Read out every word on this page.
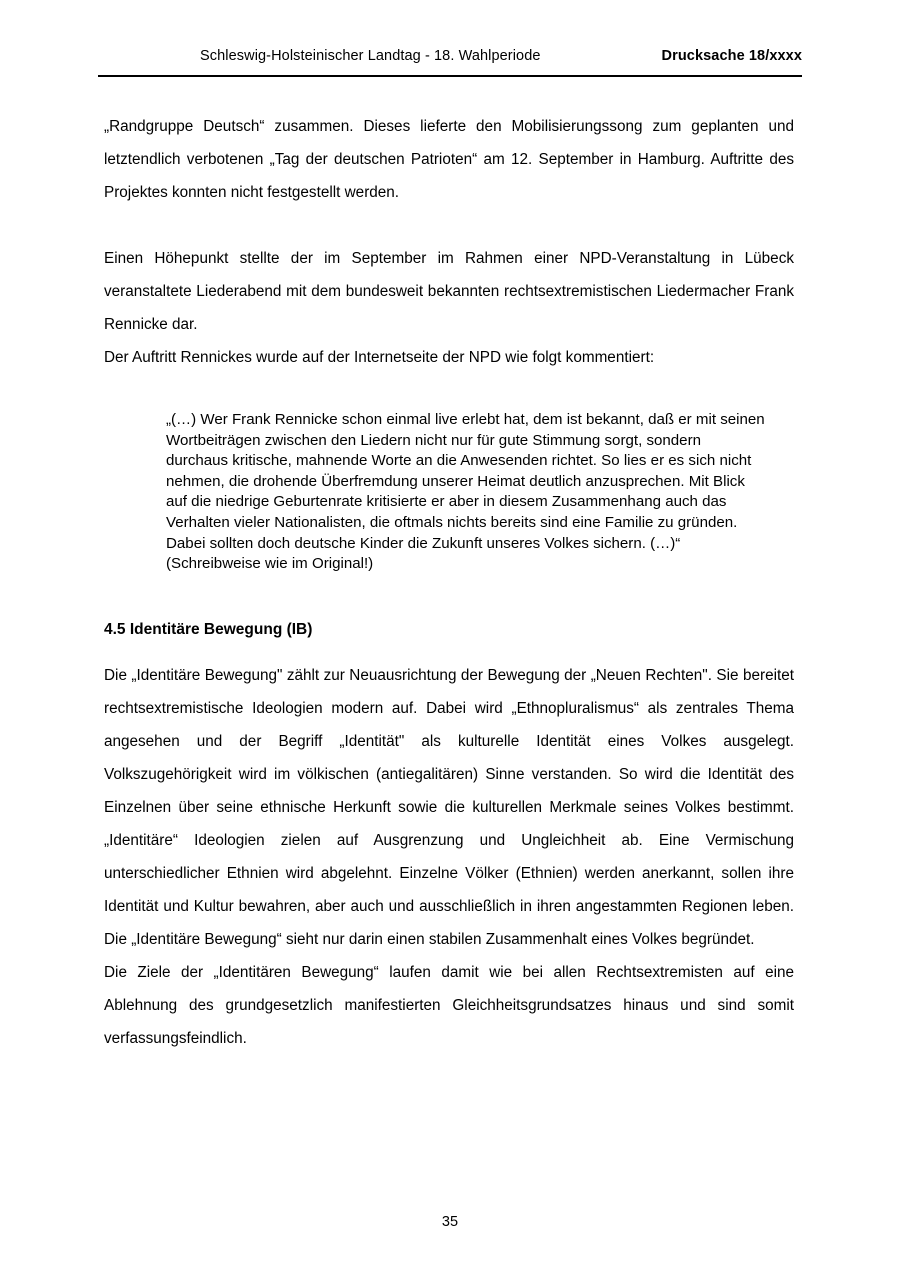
Schleswig-Holsteinischer Landtag - 18. Wahlperiode	Drucksache 18/xxxx

„Randgruppe Deutsch“ zusammen. Dieses lieferte den Mobilisierungssong zum geplanten und letztendlich verbotenen „Tag der deutschen Patrioten“ am 12. September in Hamburg. Auftritte des Projektes konnten nicht festgestellt werden.

Einen Höhepunkt stellte der im September im Rahmen einer NPD-Veranstaltung in Lübeck veranstaltete Liederabend mit dem bundesweit bekannten rechtsextremistischen Liedermacher Frank Rennicke dar.

Der Auftritt Rennickes wurde auf der Internetseite der NPD wie folgt kommentiert:

„(…) Wer Frank Rennicke schon einmal live erlebt hat, dem ist bekannt, daß er mit seinen Wortbeiträgen zwischen den Liedern nicht nur für gute Stimmung sorgt, sondern durchaus kritische, mahnende Worte an die Anwesenden richtet. So lies er es sich nicht nehmen, die drohende Überfremdung unserer Heimat deutlich anzusprechen. Mit Blick auf die niedrige Geburtenrate kritisierte er aber in diesem Zusammenhang auch das Verhalten vieler Nationalisten, die oftmals nichts bereits sind eine Familie zu gründen. Dabei sollten doch deutsche Kinder die Zukunft unseres Volkes sichern. (…)“

(Schreibweise wie im Original!)

4.5 Identitäre Bewegung (IB)

Die „Identitäre Bewegung" zählt zur Neuausrichtung der Bewegung der „Neuen Rechten". Sie bereitet rechtsextremistische Ideologien modern auf. Dabei wird „Ethnopluralismus“ als zentrales Thema angesehen und der Begriff „Identität" als kulturelle Identität eines Volkes ausgelegt. Volkszugehörigkeit wird im völkischen (antiegalitären) Sinne verstanden. So wird die Identität des Einzelnen über seine ethnische Herkunft sowie die kulturellen Merkmale seines Volkes bestimmt. „Identitäre“ Ideologien zielen auf Ausgrenzung und Ungleichheit ab. Eine Vermischung unterschiedlicher Ethnien wird abgelehnt. Einzelne Völker (Ethnien) werden anerkannt, sollen ihre Identität und Kultur bewahren, aber auch und ausschließlich in ihren angestammten Regionen leben. Die „Identitäre Bewegung“ sieht nur darin einen stabilen Zusammenhalt eines Volkes begründet.

Die Ziele der „Identitären Bewegung“ laufen damit wie bei allen Rechtsextremisten auf eine Ablehnung des grundgesetzlich manifestierten Gleichheitsgrundsatzes hinaus und sind somit verfassungsfeindlich.

35
